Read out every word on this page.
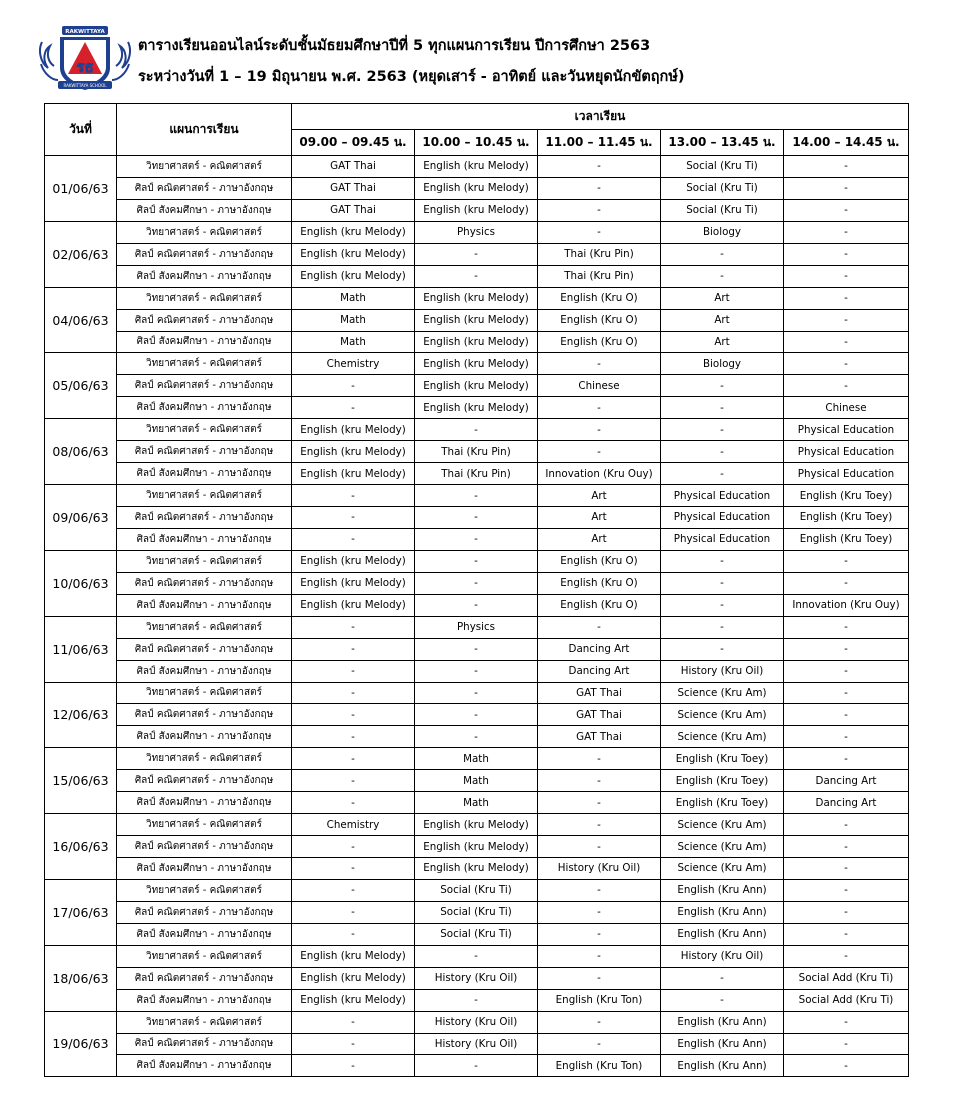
RAKWITTAYA
รธ
RAKWITTAYA SCHOOL
ตารางเรียนออนไลน์ระดับชั้นมัธยมศึกษาปีที่ 5 ทุกแผนการเรียน ปีการศึกษา 2563
ระหว่างวันที่ 1 – 19 มิถุนายน พ.ศ. 2563 (หยุดเสาร์ - อาทิตย์ และวันหยุดนักขัตฤกษ์)
วันที่	แผนการเรียน	เวลาเรียน				
		09.00 – 09.45 น.	10.00 – 10.45 น.	11.00 – 11.45 น.	13.00 – 13.45 น.	14.00 – 14.45 น.
01/06/63	วิทยาศาสตร์ - คณิตศาสตร์	GAT Thai	English (kru Melody)	-	Social (Kru Ti)	-
	ศิลป์ คณิตศาสตร์ - ภาษาอังกฤษ	GAT Thai	English (kru Melody)	-	Social (Kru Ti)	-
	ศิลป์ สังคมศึกษา - ภาษาอังกฤษ	GAT Thai	English (kru Melody)	-	Social (Kru Ti)	-
02/06/63	วิทยาศาสตร์ - คณิตศาสตร์	English (kru Melody)	Physics	-	Biology	-
	ศิลป์ คณิตศาสตร์ - ภาษาอังกฤษ	English (kru Melody)	-	Thai (Kru Pin)	-	-
	ศิลป์ สังคมศึกษา - ภาษาอังกฤษ	English (kru Melody)	-	Thai (Kru Pin)	-	-
04/06/63	วิทยาศาสตร์ - คณิตศาสตร์	Math	English (kru Melody)	English (Kru O)	Art	-
	ศิลป์ คณิตศาสตร์ - ภาษาอังกฤษ	Math	English (kru Melody)	English (Kru O)	Art	-
	ศิลป์ สังคมศึกษา - ภาษาอังกฤษ	Math	English (kru Melody)	English (Kru O)	Art	-
05/06/63	วิทยาศาสตร์ - คณิตศาสตร์	Chemistry	English (kru Melody)	-	Biology	-
	ศิลป์ คณิตศาสตร์ - ภาษาอังกฤษ	-	English (kru Melody)	Chinese	-	-
	ศิลป์ สังคมศึกษา - ภาษาอังกฤษ	-	English (kru Melody)	-	-	Chinese
08/06/63	วิทยาศาสตร์ - คณิตศาสตร์	English (kru Melody)	-	-	-	Physical Education
	ศิลป์ คณิตศาสตร์ - ภาษาอังกฤษ	English (kru Melody)	Thai (Kru Pin)	-	-	Physical Education
	ศิลป์ สังคมศึกษา - ภาษาอังกฤษ	English (kru Melody)	Thai (Kru Pin)	Innovation (Kru Ouy)	-	Physical Education
09/06/63	วิทยาศาสตร์ - คณิตศาสตร์	-	-	Art	Physical Education	English (Kru Toey)
	ศิลป์ คณิตศาสตร์ - ภาษาอังกฤษ	-	-	Art	Physical Education	English (Kru Toey)
	ศิลป์ สังคมศึกษา - ภาษาอังกฤษ	-	-	Art	Physical Education	English (Kru Toey)
10/06/63	วิทยาศาสตร์ - คณิตศาสตร์	English (kru Melody)	-	English (Kru O)	-	-
	ศิลป์ คณิตศาสตร์ - ภาษาอังกฤษ	English (kru Melody)	-	English (Kru O)	-	-
	ศิลป์ สังคมศึกษา - ภาษาอังกฤษ	English (kru Melody)	-	English (Kru O)	-	Innovation (Kru Ouy)
11/06/63	วิทยาศาสตร์ - คณิตศาสตร์	-	Physics	-	-	-
	ศิลป์ คณิตศาสตร์ - ภาษาอังกฤษ	-	-	Dancing Art	-	-
	ศิลป์ สังคมศึกษา - ภาษาอังกฤษ	-	-	Dancing Art	History (Kru Oil)	-
12/06/63	วิทยาศาสตร์ - คณิตศาสตร์	-	-	GAT Thai	Science (Kru Am)	-
	ศิลป์ คณิตศาสตร์ - ภาษาอังกฤษ	-	-	GAT Thai	Science (Kru Am)	-
	ศิลป์ สังคมศึกษา - ภาษาอังกฤษ	-	-	GAT Thai	Science (Kru Am)	-
15/06/63	วิทยาศาสตร์ - คณิตศาสตร์	-	Math	-	English (Kru Toey)	-
	ศิลป์ คณิตศาสตร์ - ภาษาอังกฤษ	-	Math	-	English (Kru Toey)	Dancing Art
	ศิลป์ สังคมศึกษา - ภาษาอังกฤษ	-	Math	-	English (Kru Toey)	Dancing Art
16/06/63	วิทยาศาสตร์ - คณิตศาสตร์	Chemistry	English (kru Melody)	-	Science (Kru Am)	-
	ศิลป์ คณิตศาสตร์ - ภาษาอังกฤษ	-	English (kru Melody)	-	Science (Kru Am)	-
	ศิลป์ สังคมศึกษา - ภาษาอังกฤษ	-	English (kru Melody)	History (Kru Oil)	Science (Kru Am)	-
17/06/63	วิทยาศาสตร์ - คณิตศาสตร์	-	Social (Kru Ti)	-	English (Kru Ann)	-
	ศิลป์ คณิตศาสตร์ - ภาษาอังกฤษ	-	Social (Kru Ti)	-	English (Kru Ann)	-
	ศิลป์ สังคมศึกษา - ภาษาอังกฤษ	-	Social (Kru Ti)	-	English (Kru Ann)	-
18/06/63	วิทยาศาสตร์ - คณิตศาสตร์	English (kru Melody)	-	-	History (Kru Oil)	-
	ศิลป์ คณิตศาสตร์ - ภาษาอังกฤษ	English (kru Melody)	History (Kru Oil)	-	-	Social Add (Kru Ti)
	ศิลป์ สังคมศึกษา - ภาษาอังกฤษ	English (kru Melody)	-	English (Kru Ton)	-	Social Add (Kru Ti)
19/06/63	วิทยาศาสตร์ - คณิตศาสตร์	-	History (Kru Oil)	-	English (Kru Ann)	-
	ศิลป์ คณิตศาสตร์ - ภาษาอังกฤษ	-	History (Kru Oil)	-	English (Kru Ann)	-
	ศิลป์ สังคมศึกษา - ภาษาอังกฤษ	-	-	English (Kru Ton)	English (Kru Ann)	-
